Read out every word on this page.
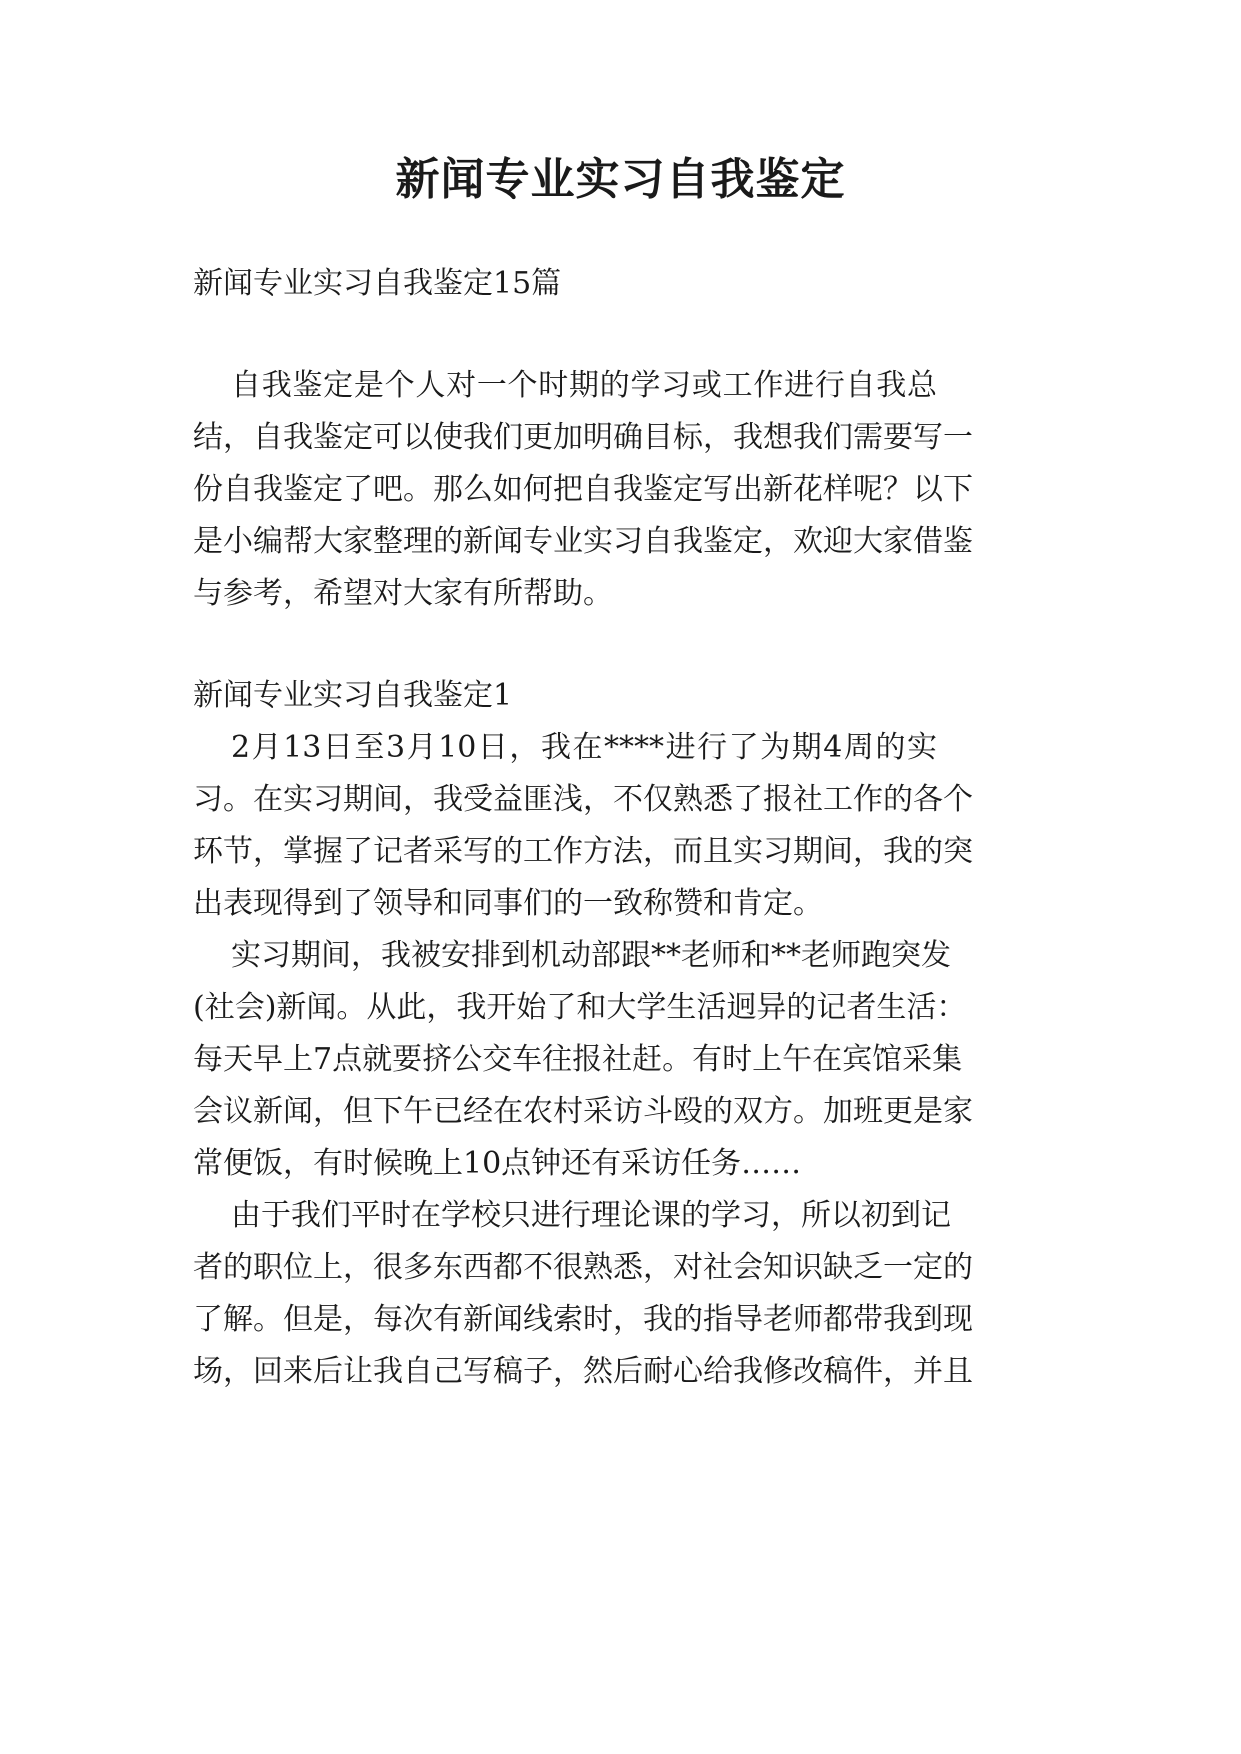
新闻专业实习自我鉴定
新闻专业实习自我鉴定15篇
自我鉴定是个人对一个时期的学习或工作进行自我总
结，自我鉴定可以使我们更加明确目标，我想我们需要写一
份自我鉴定了吧。那么如何把自我鉴定写出新花样呢？以下
是小编帮大家整理的新闻专业实习自我鉴定，欢迎大家借鉴
与参考，希望对大家有所帮助。
新闻专业实习自我鉴定1
2月13日至3月10日，我在****进行了为期4周的实
习。在实习期间，我受益匪浅，不仅熟悉了报社工作的各个
环节，掌握了记者采写的工作方法，而且实习期间，我的突
出表现得到了领导和同事们的一致称赞和肯定。
实习期间，我被安排到机动部跟**老师和**老师跑突发
(社会)新闻。从此，我开始了和大学生活迥异的记者生活：
每天早上7点就要挤公交车往报社赶。有时上午在宾馆采集
会议新闻，但下午已经在农村采访斗殴的双方。加班更是家
常便饭，有时候晚上10点钟还有采访任务……
由于我们平时在学校只进行理论课的学习，所以初到记
者的职位上，很多东西都不很熟悉，对社会知识缺乏一定的
了解。但是，每次有新闻线索时，我的指导老师都带我到现
场，回来后让我自己写稿子，然后耐心给我修改稿件，并且
